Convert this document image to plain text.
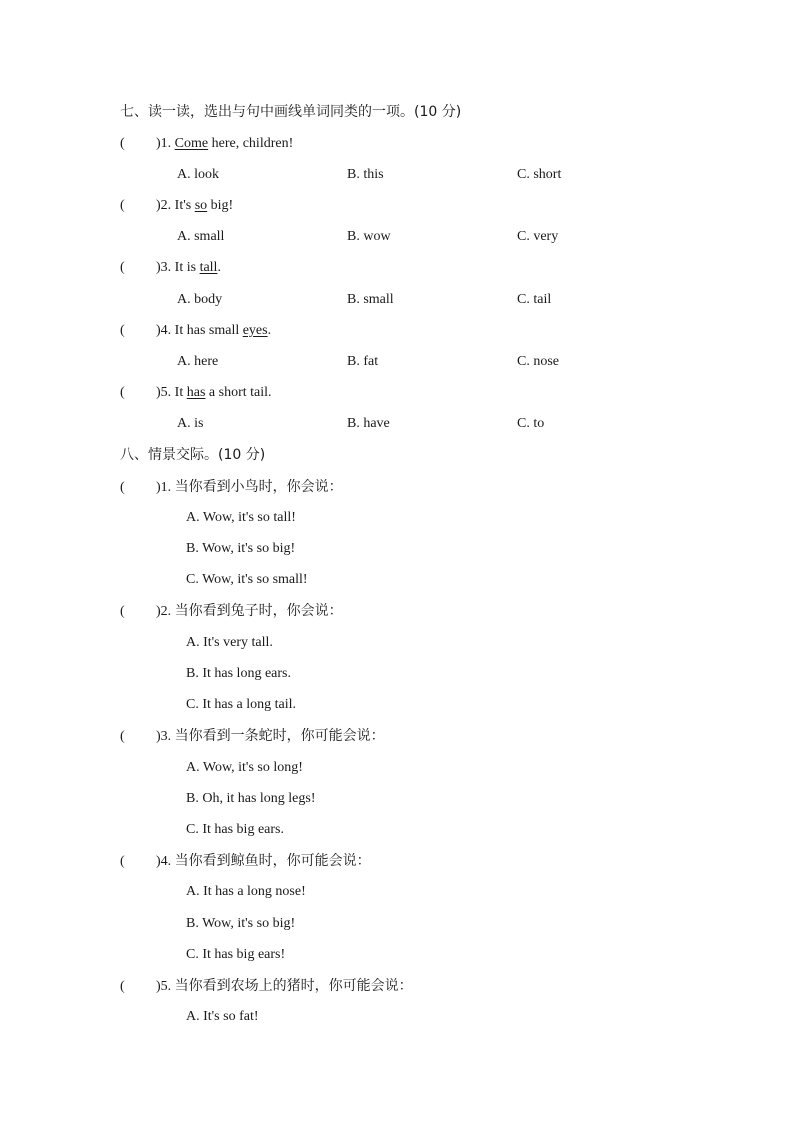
七、读一读，选出与句中画线单词同类的一项。(10 分)
( )1. Come here, children!
A. look	B. this	C. short
( )2. It's so big!
A. small	B. wow	C. very
( )3. It is tall.
A. body	B. small	C. tail
( )4. It has small eyes.
A. here	B. fat	C. nose
( )5. It has a short tail.
A. is	B. have	C. to
八、情景交际。(10 分)
( )1. 当你看到小鸟时，你会说：
A. Wow, it's so tall!
B. Wow, it's so big!
C. Wow, it's so small!
( )2. 当你看到兔子时，你会说：
A. It's very tall.
B. It has long ears.
C. It has a long tail.
( )3. 当你看到一条蛇时，你可能会说：
A. Wow, it's so long!
B. Oh, it has long legs!
C. It has big ears.
( )4. 当你看到鲸鱼时，你可能会说：
A. It has a long nose!
B. Wow, it's so big!
C. It has big ears!
( )5. 当你看到农场上的猪时，你可能会说：
A. It's so fat!
